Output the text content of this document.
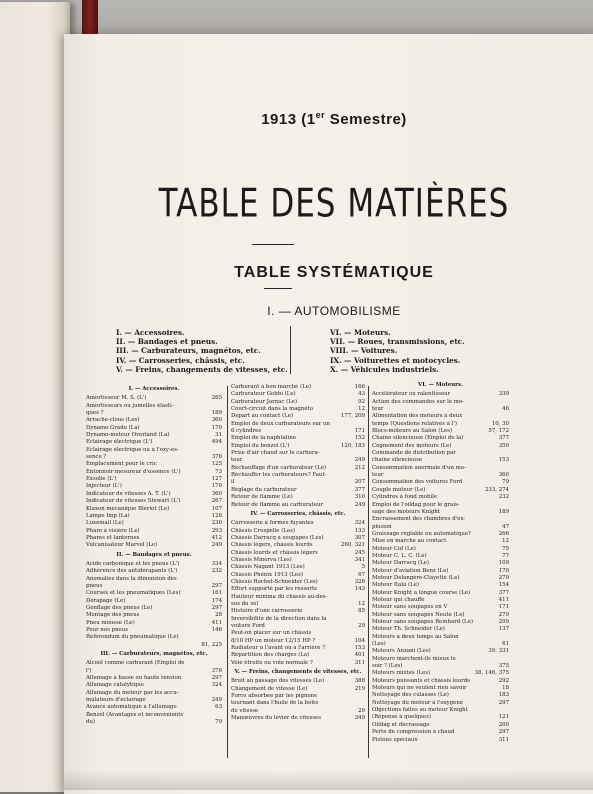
1913 (1er Semestre)
TABLE DES MATIÈRES
TABLE SYSTÉMATIQUE
I. — AUTOMOBILISME
I. — Accessoires.
II. — Bandages et pneus.
III. — Carburateurs, magnétos, etc.
IV. — Carrosseries, châssis, etc.
V. — Freins, changements de vitesses, etc.
VI. — Moteurs.
VII. — Roues, transmissions, etc.
VIII. — Voitures.
IX. — Voiturettes et motocycles.
X. — Véhicules industriels.
I. — Accessoires.
Amortisseur M. S. (L')	265
Amortisseurs ou jumelles élasti-
ques ?	189
Arrache-clous (Les)	360
Dynamo Grado (La)	170
Dynamo-moteur Overland (La)	31
Éclairage électrique (L')	494
Éclairage électrique ou à l'oxy-es-
sence ?	376
Emplacement pour le cric	125
Entonnoir mesureur d'essence (L')	73
Exsolie (L')	127
Injecteur (L')	170
Indicateur de vitesses A. T. (L')	360
Indicateur de vitesses Stewart (L')	267
Klaxon mécanique Blériot (Le)	107
Lampe Imp (La)	126
Luxémail (Le)	230
Phare à visière (Le)	293
Phares et lanternes	412
Vulcanisateur Marvel (Le)	249
II. — Bandages et pneus.
Acide carbonique et les pneus (L')	334
Adhérence des antidérapants (L')	232
Anomalies dans la dimension des
pneus	297
Courses et les pneumatiques (Les)	161
Dérapage (Le)	174
Gonflage des pneus (Le)	297
Montage des pneus	28
Pneu mousse (Le)	411
Pour nos pneus	146
Référendum du pneumatique (Le)
81, 225
III. — Carburateurs, magnétos, etc.
Alcool comme carburant (Emploi de
l')	376
Allumage à basse ou haute tension	297
Allumage catalytique	324
Allumage du moteur par les accu-
mulateurs d'éclairage	249
Avance automatique à l'allumage	63
Benzol (Avantages et inconvénients
du)	79
Carburant à bon marché (Le)	166
Carburateur Gobbi (Le)	43
Carburateur Jarnac (Le)	92
Court-circuit dans la magnéto	12
Départ au contact (Le)	177, 209
Emploi de deux carburateurs sur un
6 cylindres	171
Emploi de la naphtaline	152
Emploi du benzol (L')	120, 183
Prise d'air chaud sur le carbura-
teur	249
Réchauffage d'un carburateur (Le)	212
Réchauffer les carburateurs? Faut-
il	207
Réglage du carburateur	377
Retour de flamme (Le)	310
Retour de flamme au carburateur	249
IV. — Carrosseries, châssis, etc.
Carrosserie à formes fuyantes	324
Châssis Crespelle (Les)	133
Châssis Darracq à soupapes (Les)	307
Châssis légers, châssis lourds	260, 321
Châssis lourds et châssis légers	245
Châssis Minerva (Les)	341
Châssis Nagant 1913 (Les)	5
Châssis Phénix 1913 (Les)	67
Châssis Rochet-Schneider (Les)	326
Effort supporté par les ressorts	143
Hauteur minima du châssis au-des-
sus du sol	12
Histoire d'une carrosserie	85
Inversibilité de la direction dans la
voiture Ford	29
Peut-on placer sur un châssis
8/10 HP un moteur 12/15 HP ?	104
Radiateur à l'avant ou à l'arrière ?	153
Répartition des charges (La)	401
Voie étroite ou voie normale ?	311
V. — Freins, changements de vitesses, etc.
Bruit au passage des vitesses (Le)	388
Changement de vitesse (Le)	219
Force absorbée par les pignons
tournant dans l'huile de la boîte
de vitesse	29
Manœuvres du levier de vitesses	349
VI. — Moteurs.
Accélérateur ou ralentisseur	339
Action des commandes sur le mo-
teur	46
Alimentation des moteurs à deux
temps (Questions relatives à l')	10, 30
Blocs-moteurs au Salon (Les)	57, 172
Chaîne silencieuse (Emploi de la)	377
Cognement des moteurs (Le)	350
Commande de distribution par
chaîne silencieuse	153
Consommation anormale d'un mo-
teur	360
Consommation des voitures Ford	79
Couple moteur (Le)	233, 274
Cylindres à fond mobile	232
Emploi de l'oildag pour le grais-
sage des moteurs Knight	189
Encrassement des chambres d'ex-
plosion	47
Graissage réglable ou automatique?	266
Mise en marche au contact	12
Moteur Cid (Le)	75
Moteur C. L. C. (Le)	77
Moteur Darracq (Le)	109
Moteur d'aviation Benz (Le)	170
Moteur Delangère-Clayette (Le)	279
Moteur Itala (Le)	154
Moteur Knight à longue course (Le)	377
Moteur qui chauffe	411
Moteur sans soupapes en V	171
Moteur sans soupapes Neute (Le)	279
Moteur sans soupapes Reinhard (Le)	299
Moteur Th. Schneider (Le)	137
Moteurs à deux temps au Salon
(Les)	61
Moteurs Anzani (Les)	39, 331
Moteurs marchent-ils mieux le
soir ? (Les)	375
Moteurs mixtes (Les)	38, 146, 375
Moteurs puissants et châssis lourds	292
Moteurs qui ne veulent rien savoir	18
Nettoyage des culasses (Le)	183
Nettoyage du moteur à l'oxygène	297
Objections faites au moteur Knight
(Réponse à quelques)	121
Oildag et décrassage	200
Perte de compression à chaud	297
Pistons spéciaux	311
